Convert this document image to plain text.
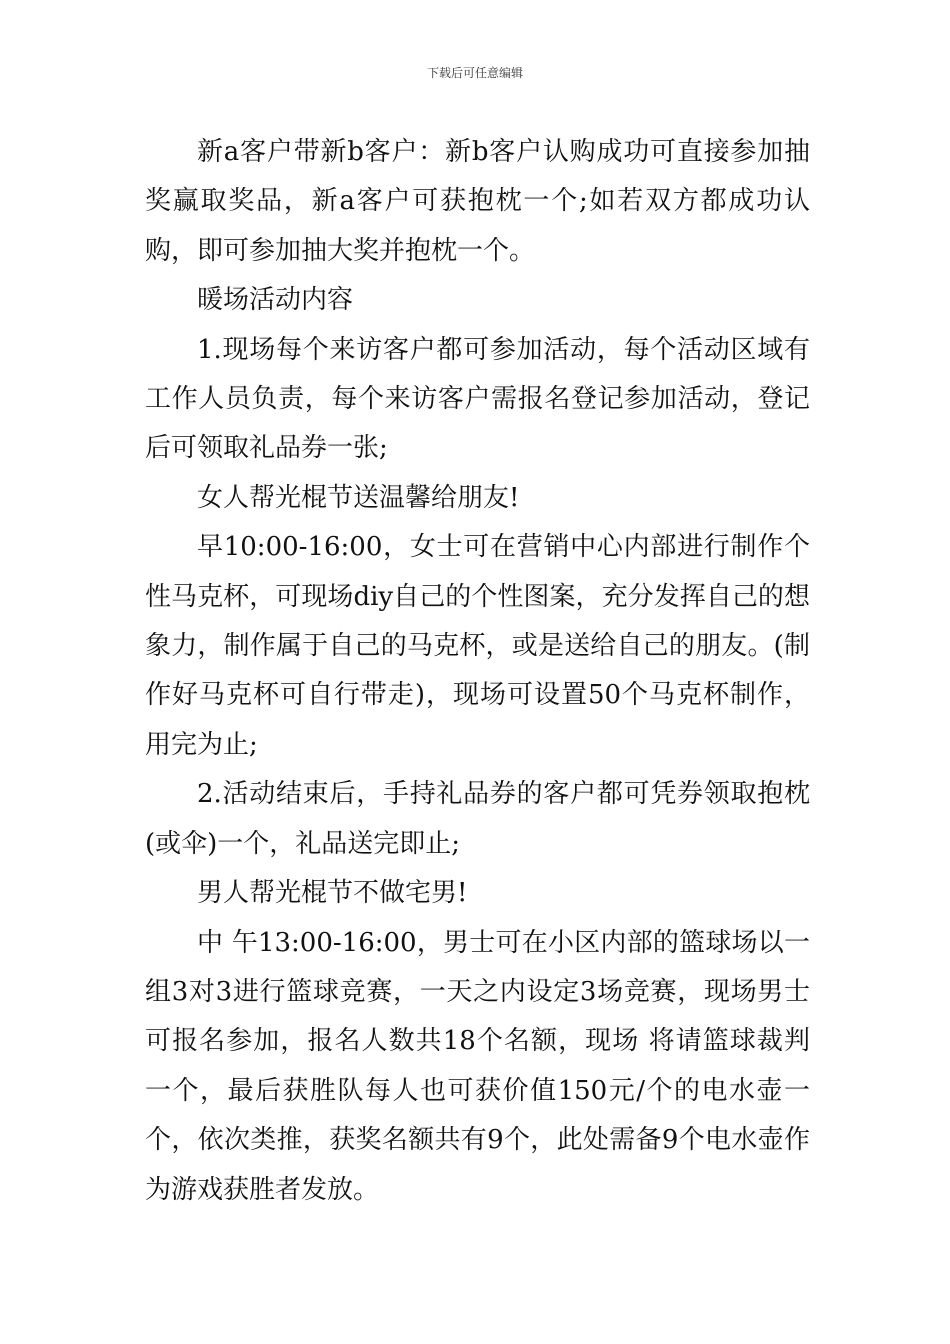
下载后可任意编辑

新a客户带新b客户：新b客户认购成功可直接参加抽奖赢取奖品，新a客户可获抱枕一个;如若双方都成功认购，即可参加抽大奖并抱枕一个。

暖场活动内容

1.现场每个来访客户都可参加活动，每个活动区域有工作人员负责，每个来访客户需报名登记参加活动，登记后可领取礼品券一张;

女人帮光棍节送温馨给朋友!

早10:00-16:00，女士可在营销中心内部进行制作个性马克杯，可现场diy自己的个性图案，充分发挥自己的想象力，制作属于自己的马克杯，或是送给自己的朋友。(制作好马克杯可自行带走)，现场可设置50个马克杯制作，用完为止;

2.活动结束后，手持礼品券的客户都可凭券领取抱枕(或伞)一个，礼品送完即止;

男人帮光棍节不做宅男!

中 午13:00-16:00，男士可在小区内部的篮球场以一组3对3进行篮球竞赛，一天之内设定3场竞赛，现场男士可报名参加，报名人数共18个名额，现场 将请篮球裁判一个，最后获胜队每人也可获价值150元/个的电水壶一个，依次类推，获奖名额共有9个，此处需备9个电水壶作为游戏获胜者发放。
